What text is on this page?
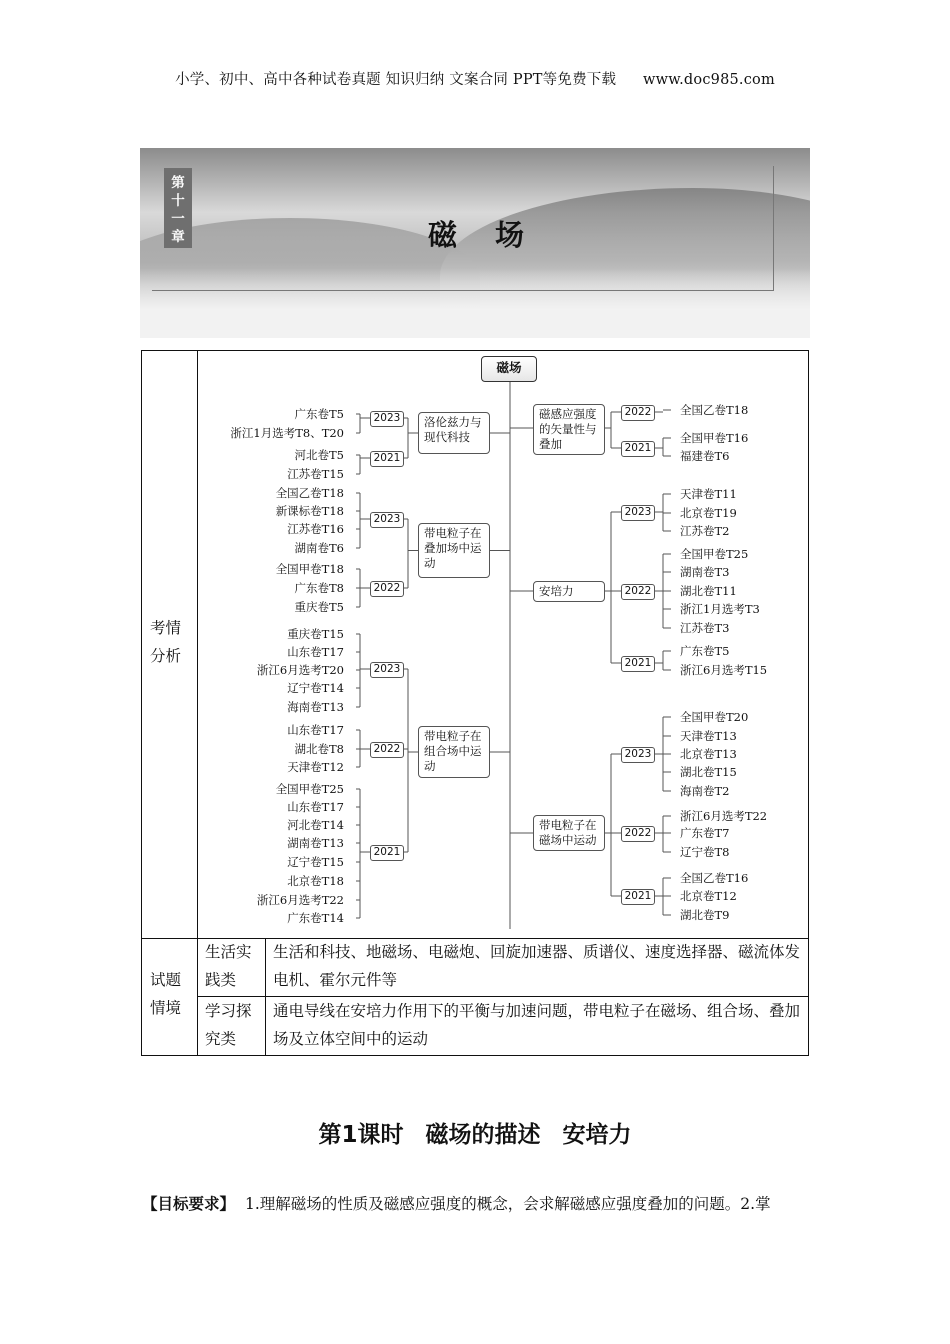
小学、初中、高中各种试卷真题 知识归纳 文案合同 PPT等免费下载 www.doc985.com
第
十
一
章	磁 场
考情分析
试题情境
生活实践类
生活和科技、地磁场、电磁炮、回旋加速器、质谱仪、速度选择器、磁流体发电机、霍尔元件等
学习探究类
通电导线在安培力作用下的平衡与加速问题，带电粒子在磁场、组合场、叠加场及立体空间中的运动
磁场
洛伦兹力与现代科技
2023
广东卷T5
浙江1月选考T8、T20
2021
河北卷T5
江苏卷T15
带电粒子在叠加场中运动
2023
全国乙卷T18
新课标卷T18
江苏卷T16
湖南卷T6
2022
全国甲卷T18
广东卷T8
重庆卷T5
带电粒子在组合场中运动
2023
重庆卷T15
山东卷T17
浙江6月选考T20
辽宁卷T14
海南卷T13
2022
山东卷T17
湖北卷T8
天津卷T12
2021
全国甲卷T25
山东卷T17
河北卷T14
湖南卷T13
辽宁卷T15
北京卷T18
浙江6月选考T22
广东卷T14
磁感应强度的矢量性与叠加
2022	全国乙卷T18
2021
全国甲卷T16
福建卷T6
安培力
2023
天津卷T11
北京卷T19
江苏卷T2
2022
全国甲卷T25
湖南卷T3
湖北卷T11
浙江1月选考T3
江苏卷T3
2021
广东卷T5
浙江6月选考T15
带电粒子在磁场中运动
2023
全国甲卷T20
天津卷T13
北京卷T13
湖北卷T15
海南卷T2
2022
浙江6月选考T22
广东卷T7
辽宁卷T8
2021
全国乙卷T16
北京卷T12
湖北卷T9
第1课时 磁场的描述 安培力
【目标要求】 1.理解磁场的性质及磁感应强度的概念，会求解磁感应强度叠加的问题。2.掌
